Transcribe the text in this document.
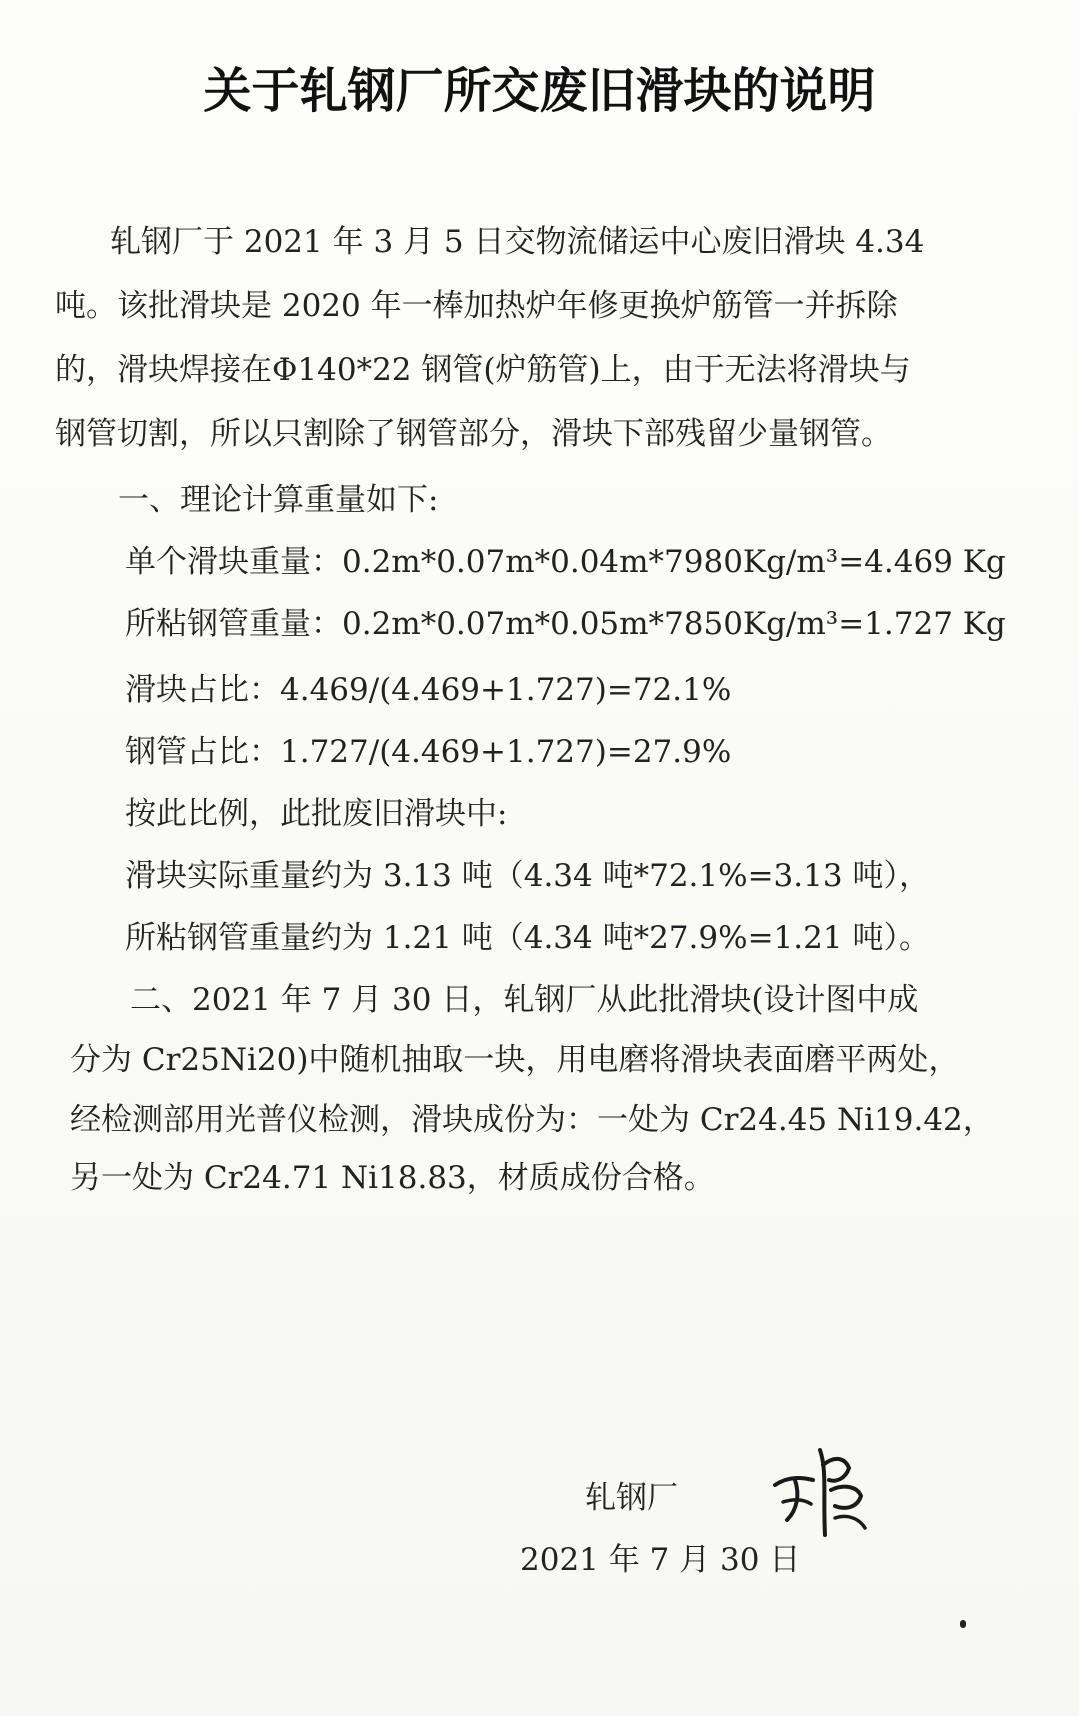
关于轧钢厂所交废旧滑块的说明
轧钢厂于 2021 年 3 月 5 日交物流储运中心废旧滑块 4.34
吨。该批滑块是 2020 年一棒加热炉年修更换炉筋管一并拆除
的，滑块焊接在Φ140*22 钢管(炉筋管)上，由于无法将滑块与
钢管切割，所以只割除了钢管部分，滑块下部残留少量钢管。
一、理论计算重量如下:
单个滑块重量：0.2m*0.07m*0.04m*7980Kg/m³=4.469 Kg
所粘钢管重量：0.2m*0.07m*0.05m*7850Kg/m³=1.727 Kg
滑块占比：4.469/(4.469+1.727)=72.1%
钢管占比：1.727/(4.469+1.727)=27.9%
按此比例，此批废旧滑块中:
滑块实际重量约为 3.13 吨（4.34 吨*72.1%=3.13 吨），
所粘钢管重量约为 1.21 吨（4.34 吨*27.9%=1.21 吨）。
二、2021 年 7 月 30 日，轧钢厂从此批滑块(设计图中成
分为 Cr25Ni20)中随机抽取一块，用电磨将滑块表面磨平两处，
经检测部用光普仪检测，滑块成份为：一处为 Cr24.45 Ni19.42，
另一处为 Cr24.71 Ni18.83，材质成份合格。
轧钢厂
2021 年 7 月 30 日
